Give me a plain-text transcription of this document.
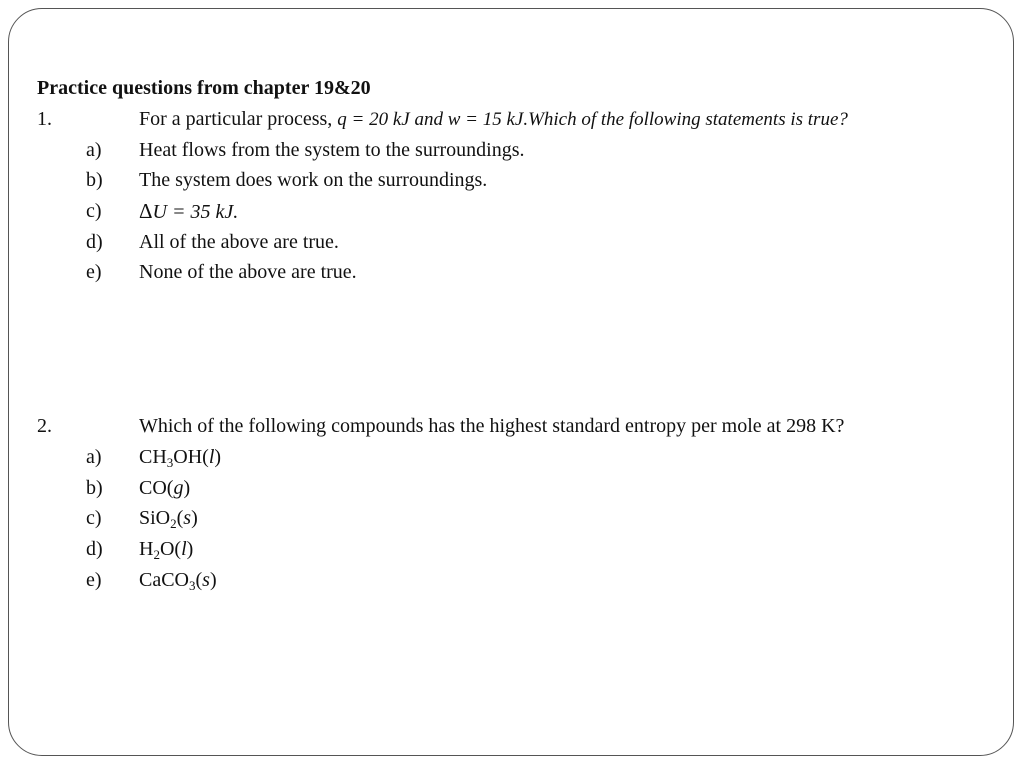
Practice questions from chapter 19&20
1.	For a particular process, q = 20 kJ and w = 15 kJ.Which of the following statements is true?
a) Heat flows from the system to the surroundings.
b) The system does work on the surroundings.
c) ΔU = 35 kJ.
d) All of the above are true.
e) None of the above are true.
2.	Which of the following compounds has the highest standard entropy per mole at 298 K?
a) $CH_3OH(l)$
b) CO(g)
c) SiO$_2$(s)
d) $H_2O(l)$
e) CaCO$_3$(s)
